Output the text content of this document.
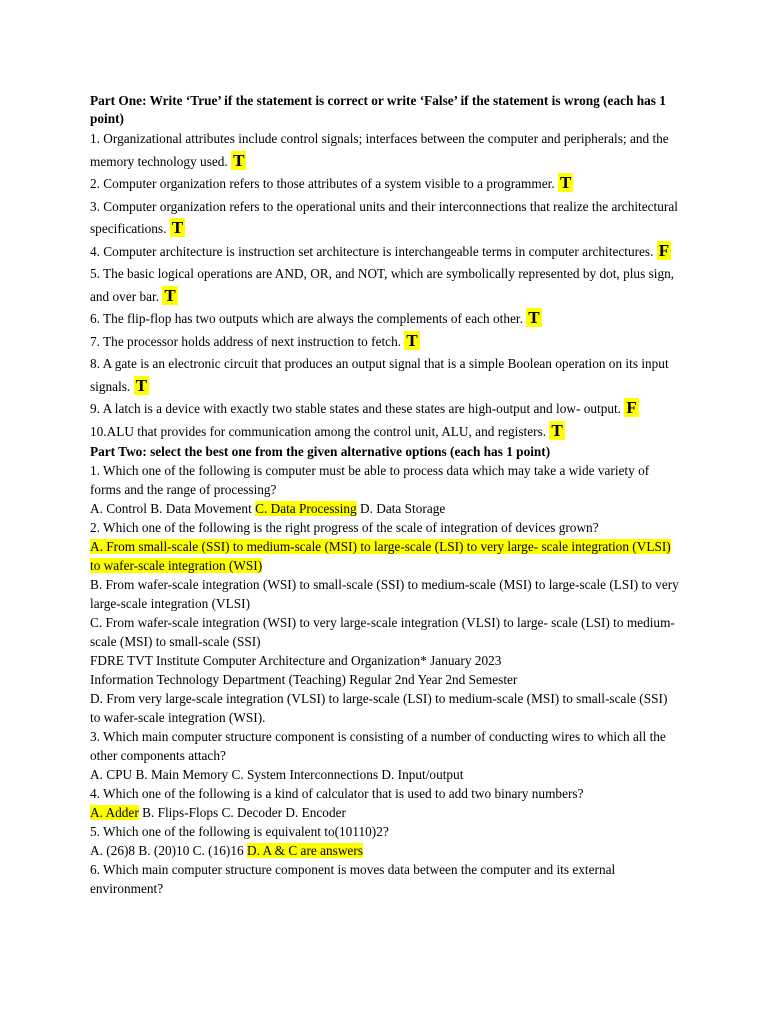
Part One: Write ‘True’ if the statement is correct or write ‘False’ if the statement is wrong (each has 1 point)

1. Organizational attributes include control signals; interfaces between the computer and peripherals; and the memory technology used. T

2. Computer organization refers to those attributes of a system visible to a programmer. T

3. Computer organization refers to the operational units and their interconnections that realize the architectural specifications. T

4. Computer architecture is instruction set architecture is interchangeable terms in computer architectures. F

5. The basic logical operations are AND, OR, and NOT, which are symbolically represented by dot, plus sign, and over bar. T

6. The flip-flop has two outputs which are always the complements of each other. T

7. The processor holds address of next instruction to fetch. T

8. A gate is an electronic circuit that produces an output signal that is a simple Boolean operation on its input signals. T

9. A latch is a device with exactly two stable states and these states are high-output and low- output. F

10.ALU that provides for communication among the control unit, ALU, and registers. T

Part Two: select the best one from the given alternative options (each has 1 point)

1. Which one of the following is computer must be able to process data which may take a wide variety of forms and the range of processing?

A. Control B. Data Movement C. Data Processing D. Data Storage

2. Which one of the following is the right progress of the scale of integration of devices grown?

A. From small-scale (SSI) to medium-scale (MSI) to large-scale (LSI) to very large- scale integration (VLSI) to wafer-scale integration (WSI)

B. From wafer-scale integration (WSI) to small-scale (SSI) to medium-scale (MSI) to large-scale (LSI) to very large-scale integration (VLSI)

C. From wafer-scale integration (WSI) to very large-scale integration (VLSI) to large- scale (LSI) to medium-scale (MSI) to small-scale (SSI)

FDRE TVT Institute Computer Architecture and Organization* January 2023

Information Technology Department (Teaching) Regular 2nd Year 2nd Semester

D. From very large-scale integration (VLSI) to large-scale (LSI) to medium-scale (MSI) to small-scale (SSI) to wafer-scale integration (WSI).

3. Which main computer structure component is consisting of a number of conducting wires to which all the other components attach?

A. CPU B. Main Memory C. System Interconnections D. Input/output

4. Which one of the following is a kind of calculator that is used to add two binary numbers?

A. Adder B. Flips-Flops C. Decoder D. Encoder

5. Which one of the following is equivalent to(10110)2?

A. (26)8 B. (20)10 C. (16)16 D. A & C are answers

6. Which main computer structure component is moves data between the computer and its external environment?
